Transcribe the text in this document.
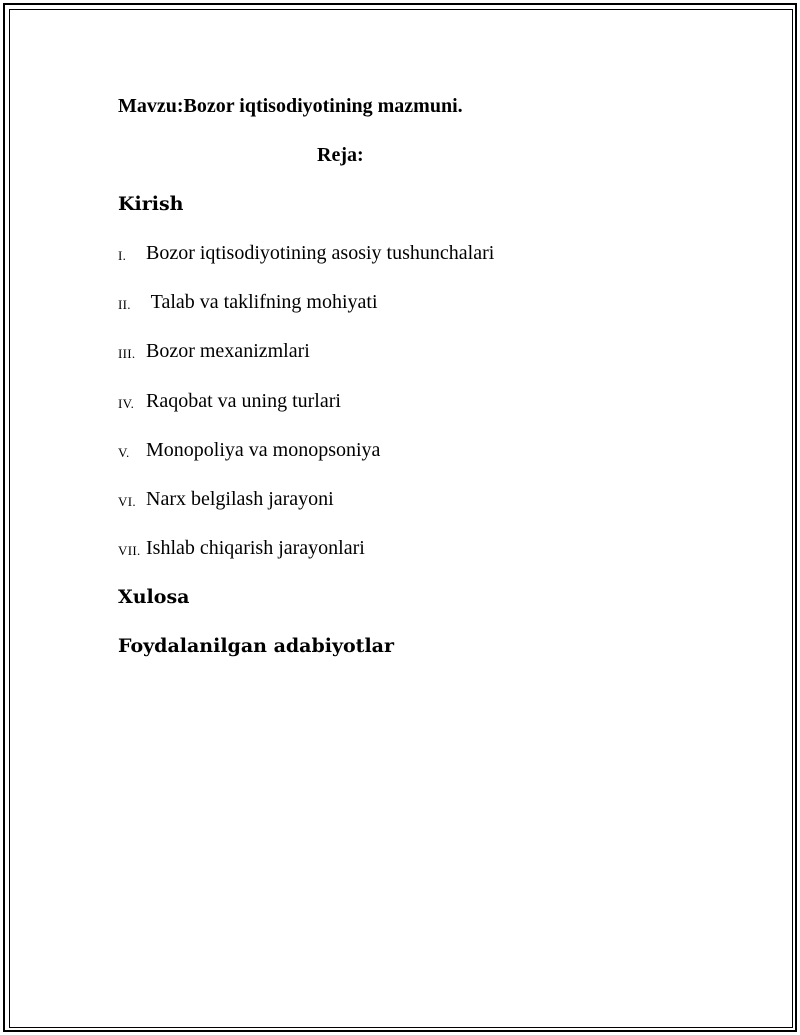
Mavzu:Bozor iqtisodiyotining mazmuni.
Reja:
Kirish
I. Bozor iqtisodiyotining asosiy tushunchalari
II. Talab va taklifning mohiyati
III. Bozor mexanizmlari
IV. Raqobat va uning turlari
V. Monopoliya va monopsoniya
VI. Narx belgilash jarayoni
VII. Ishlab chiqarish jarayonlari
Xulosa
Foydalanilgan adabiyotlar
